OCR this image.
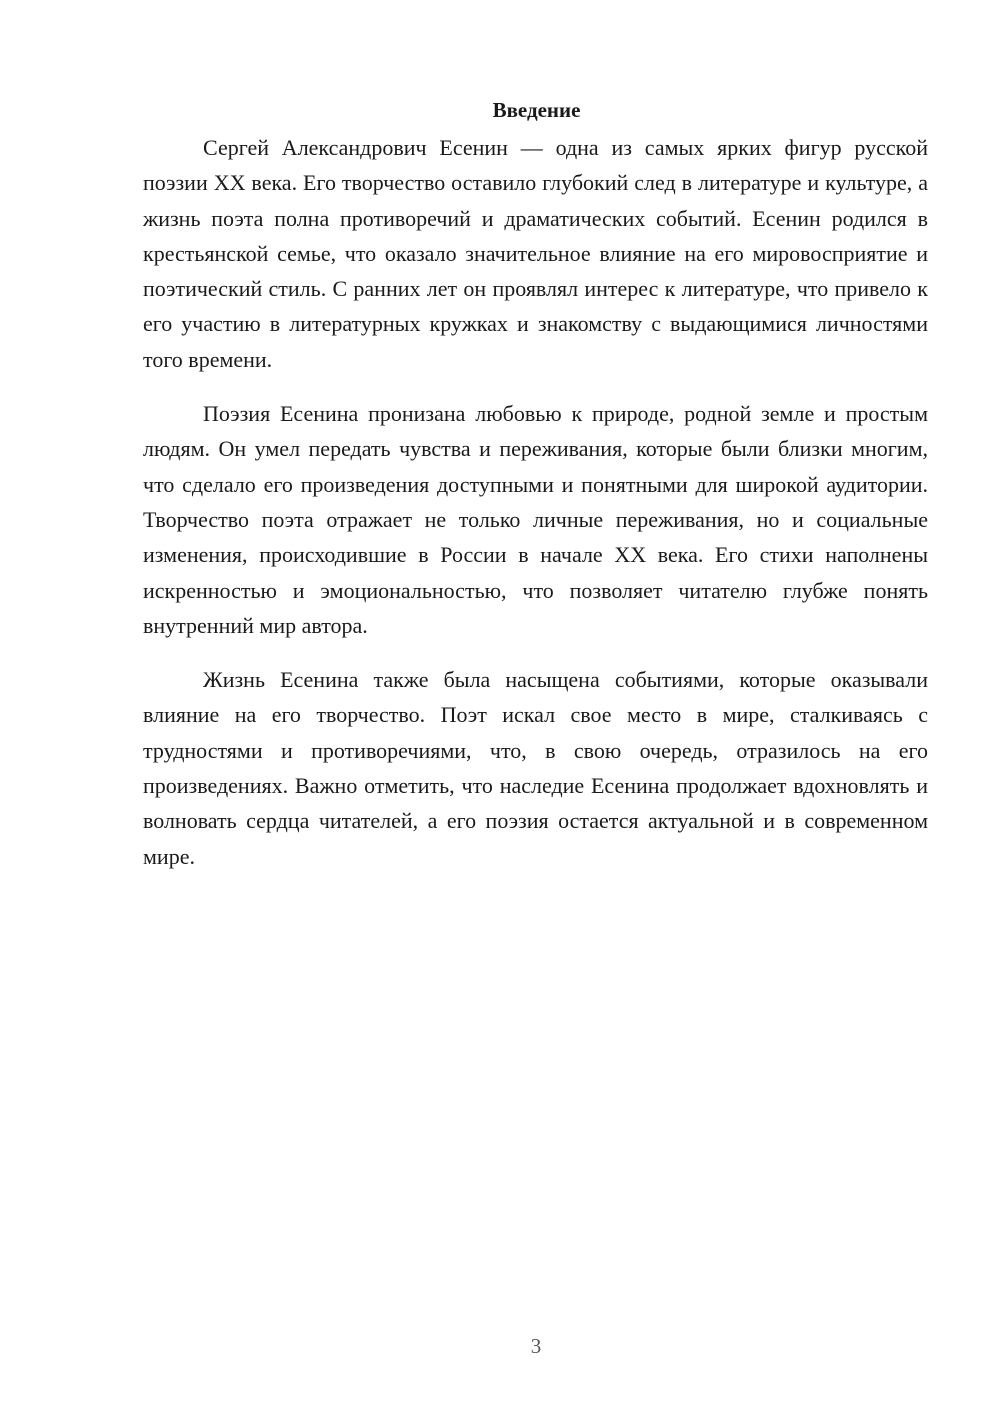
Введение

Сергей Александрович Есенин — одна из самых ярких фигур русской поэзии XX века. Его творчество оставило глубокий след в литературе и культуре, а жизнь поэта полна противоречий и драматических событий. Есенин родился в крестьянской семье, что оказало значительное влияние на его мировосприятие и поэтический стиль. С ранних лет он проявлял интерес к литературе, что привело к его участию в литературных кружках и знакомству с выдающимися личностями того времени.

Поэзия Есенина пронизана любовью к природе, родной земле и простым людям. Он умел передать чувства и переживания, которые были близки многим, что сделало его произведения доступными и понятными для широкой аудитории. Творчество поэта отражает не только личные переживания, но и социальные изменения, происходившие в России в начале XX века. Его стихи наполнены искренностью и эмоциональностью, что позволяет читателю глубже понять внутренний мир автора.

Жизнь Есенина также была насыщена событиями, которые оказывали влияние на его творчество. Поэт искал свое место в мире, сталкиваясь с трудностями и противоречиями, что, в свою очередь, отразилось на его произведениях. Важно отметить, что наследие Есенина продолжает вдохновлять и волновать сердца читателей, а его поэзия остается актуальной и в современном мире.

3
